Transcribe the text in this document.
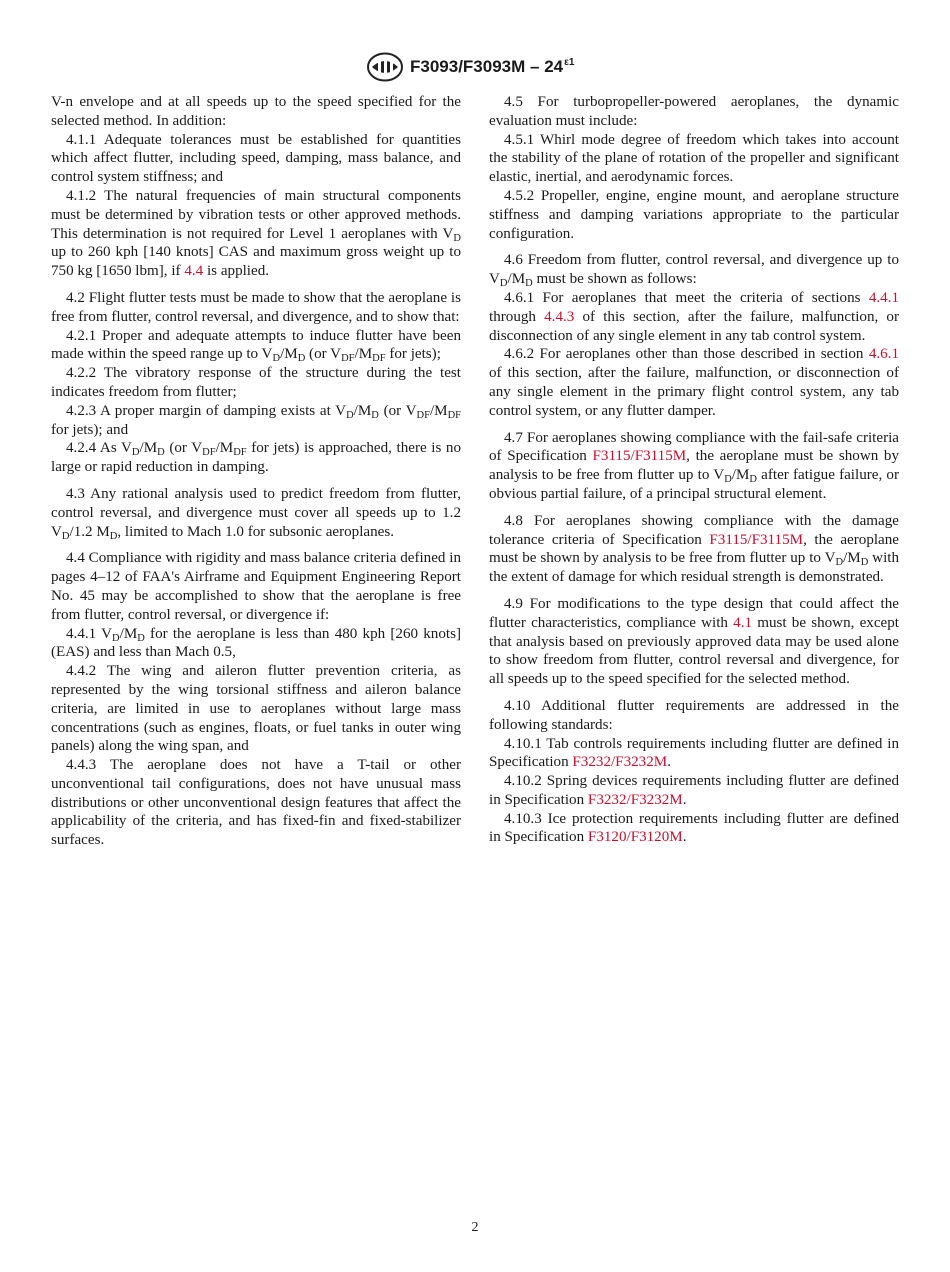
$F3093/F3093M - 24^{\varepsilon 1}$

V-n envelope and at all speeds up to the speed specified for the selected method. In addition:

4.1.1 Adequate tolerances must be established for quantities which affect flutter, including speed, damping, mass balance, and control system stiffness; and

4.1.2 The natural frequencies of main structural components must be determined by vibration tests or other approved methods. This determination is not required for Level 1 aeroplanes with $V_D$ up to 260 kph [140 knots] CAS and maximum gross weight up to 750 kg [1650 lbm], if 4.4 is applied.

4.2 Flight flutter tests must be made to show that the aeroplane is free from flutter, control reversal, and divergence, and to show that:

4.2.1 Proper and adequate attempts to induce flutter have been made within the speed range up to $V_D/M_D$ (or $V_{DF}/M_{DF}$ for jets);

4.2.2 The vibratory response of the structure during the test indicates freedom from flutter;

4.2.3 A proper margin of damping exists at $V_D/M_D$ (or $V_{DF}/M_{DF}$ for jets); and

4.2.4 As $V_D/M_D$ (or $V_{DF}/M_{DF}$ for jets) is approached, there is no large or rapid reduction in damping.

4.3 Any rational analysis used to predict freedom from flutter, control reversal, and divergence must cover all speeds up to 1.2 $V_D/1.2$ $M_D$, limited to Mach 1.0 for subsonic aeroplanes.

4.4 Compliance with rigidity and mass balance criteria defined in pages 4–12 of FAA's Airframe and Equipment Engineering Report No. 45 may be accomplished to show that the aeroplane is free from flutter, control reversal, or divergence if:

4.4.1 $V_D/M_D$ for the aeroplane is less than 480 kph [260 knots] (EAS) and less than Mach 0.5,

4.4.2 The wing and aileron flutter prevention criteria, as represented by the wing torsional stiffness and aileron balance criteria, are limited in use to aeroplanes without large mass concentrations (such as engines, floats, or fuel tanks in outer wing panels) along the wing span, and

4.4.3 The aeroplane does not have a T-tail or other unconventional tail configurations, does not have unusual mass distributions or other unconventional design features that affect the applicability of the criteria, and has fixed-fin and fixed-stabilizer surfaces.

4.5 For turbopropeller-powered aeroplanes, the dynamic evaluation must include:

4.5.1 Whirl mode degree of freedom which takes into account the stability of the plane of rotation of the propeller and significant elastic, inertial, and aerodynamic forces.

4.5.2 Propeller, engine, engine mount, and aeroplane structure stiffness and damping variations appropriate to the particular configuration.

4.6 Freedom from flutter, control reversal, and divergence up to $V_D/M_D$ must be shown as follows:

4.6.1 For aeroplanes that meet the criteria of sections 4.4.1 through 4.4.3 of this section, after the failure, malfunction, or disconnection of any single element in any tab control system.

4.6.2 For aeroplanes other than those described in section 4.6.1 of this section, after the failure, malfunction, or disconnection of any single element in the primary flight control system, any tab control system, or any flutter damper.

4.7 For aeroplanes showing compliance with the fail-safe criteria of Specification F3115/F3115M, the aeroplane must be shown by analysis to be free from flutter up to $V_D/M_D$ after fatigue failure, or obvious partial failure, of a principal structural element.

4.8 For aeroplanes showing compliance with the damage tolerance criteria of Specification F3115/F3115M, the aeroplane must be shown by analysis to be free from flutter up to $V_D/M_D$ with the extent of damage for which residual strength is demonstrated.

4.9 For modifications to the type design that could affect the flutter characteristics, compliance with 4.1 must be shown, except that analysis based on previously approved data may be used alone to show freedom from flutter, control reversal and divergence, for all speeds up to the speed specified for the selected method.

4.10 Additional flutter requirements are addressed in the following standards:

4.10.1 Tab controls requirements including flutter are defined in Specification F3232/F3232M.

4.10.2 Spring devices requirements including flutter are defined in Specification F3232/F3232M.

4.10.3 Ice protection requirements including flutter are defined in Specification F3120/F3120M.

2
